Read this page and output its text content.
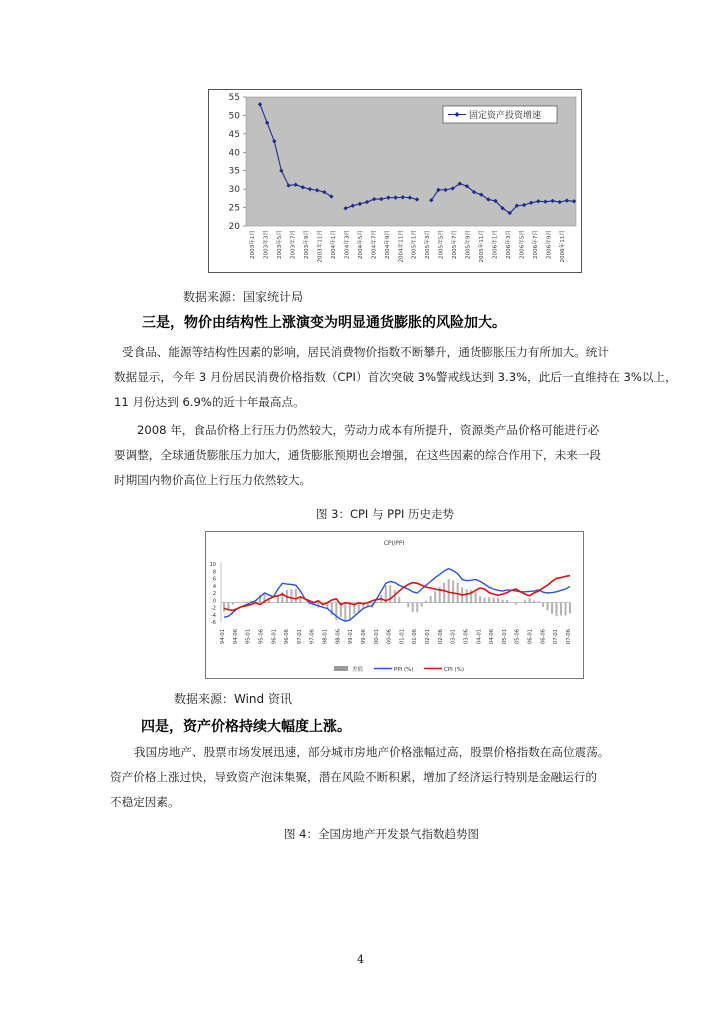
20
25
30
35
40
45
50
55
2003年1月	2003年3月	2003年5月	2003年7月	2003年9月	2003年11月	2004年1月	2004年3月	2004年5月	2004年7月	2004年9月	2004年11月	2005年1月	2005年3月	2005年5月	2005年7月	2005年9月	2005年11月	2006年1月	2006年3月	2006年5月	2006年7月	2006年9月	2006年11月
固定资产投资增速
数据来源：国家统计局
三是，物价由结构性上涨演变为明显通货膨胀的风险加大。
受食品、能源等结构性因素的影响，居民消费物价指数不断攀升，通货膨胀压力有所加大。统计
数据显示，今年 3 月份居民消费价格指数（CPI）首次突破 3%警戒线达到 3.3%，此后一直维持在 3%以上，
11 月份达到 6.9%的近十年最高点。
2008 年，食品价格上行压力仍然较大，劳动力成本有所提升，资源类产品价格可能进行必
要调整，全球通货膨胀压力加大，通货膨胀预期也会增强，在这些因素的综合作用下，未来一段
时期国内物价高位上行压力依然较大。
图 3：CPI 与 PPI 历史走势
CPI/PPI
10
8
6
4
2
0
-2
-4
-6
94-01 94-06 95-01 95-06 96-01 96-06 97-01 97-06 98-01 98-06 99-01 99-06 00-01 00-06 01-01 01-06 02-01 02-06 03-01 03-06 04-01 04-06 05-01 05-06 06-01 06-06 07-01 07-06
差值	PPI (%)	CPI (%)
数据来源：Wind 资讯
四是，资产价格持续大幅度上涨。
我国房地产、股票市场发展迅速，部分城市房地产价格涨幅过高，股票价格指数在高位震荡。
资产价格上涨过快，导致资产泡沫集聚，潜在风险不断积累，增加了经济运行特别是金融运行的
不稳定因素。
图 4：全国房地产开发景气指数趋势图
4
